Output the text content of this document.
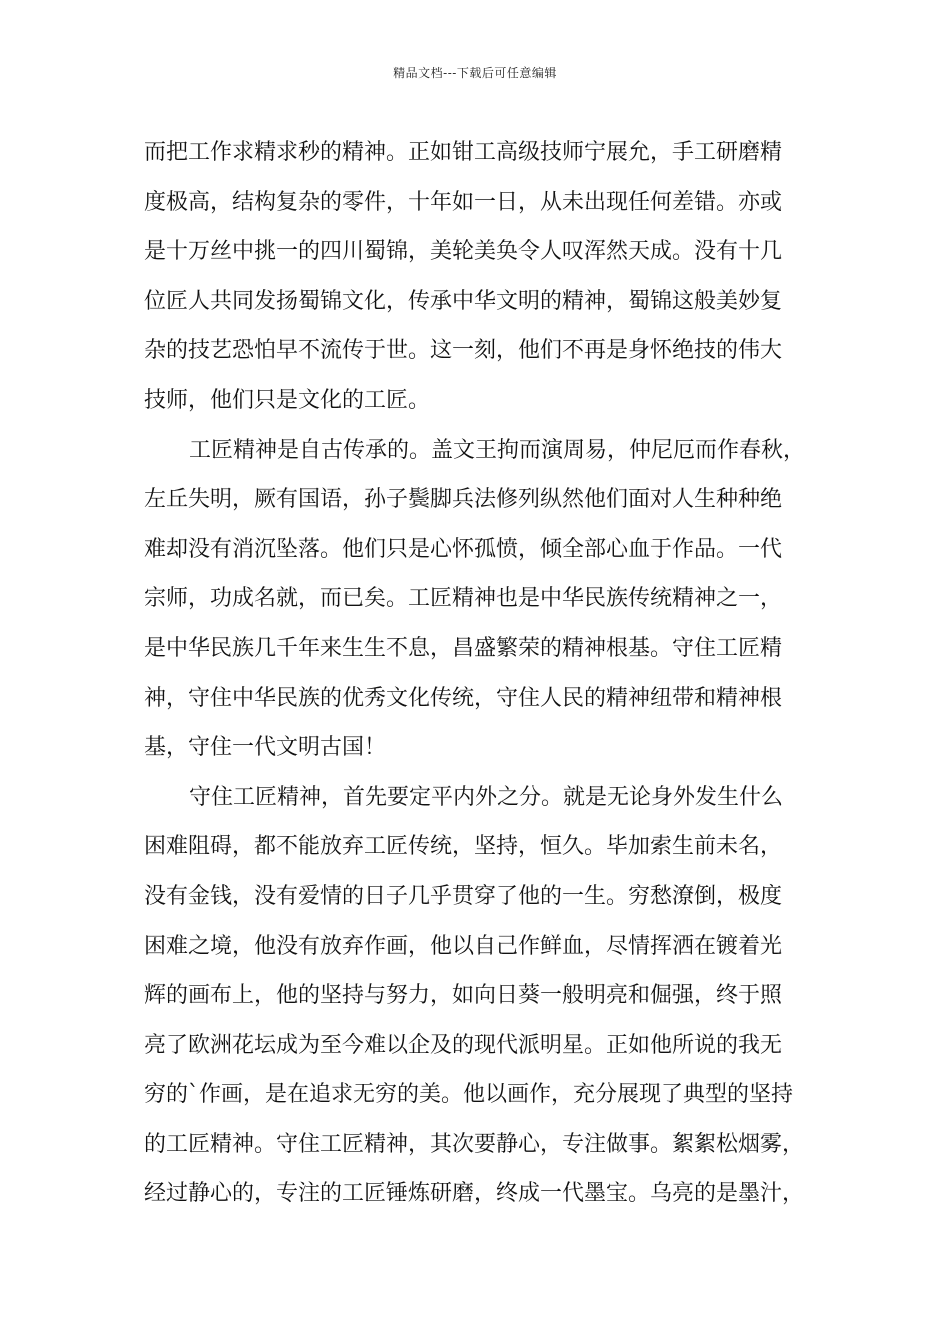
精品文档---下载后可任意编辑
而把工作求精求秒的精神。正如钳工高级技师宁展允，手工研磨精
度极高，结构复杂的零件，十年如一日，从未出现任何差错。亦或
是十万丝中挑一的四川蜀锦，美轮美奂令人叹浑然天成。没有十几
位匠人共同发扬蜀锦文化，传承中华文明的精神，蜀锦这般美妙复
杂的技艺恐怕早不流传于世。这一刻，他们不再是身怀绝技的伟大
技师，他们只是文化的工匠。
工匠精神是自古传承的。盖文王拘而演周易，仲尼厄而作春秋，
左丘失明，厥有国语，孙子鬓脚兵法修列纵然他们面对人生种种绝
难却没有消沉坠落。他们只是心怀孤愤，倾全部心血于作品。一代
宗师，功成名就，而已矣。工匠精神也是中华民族传统精神之一，
是中华民族几千年来生生不息，昌盛繁荣的精神根基。守住工匠精
神，守住中华民族的优秀文化传统，守住人民的精神纽带和精神根
基，守住一代文明古国！
守住工匠精神，首先要定平内外之分。就是无论身外发生什么
困难阻碍，都不能放弃工匠传统，坚持，恒久。毕加索生前未名，
没有金钱，没有爱情的日子几乎贯穿了他的一生。穷愁潦倒，极度
困难之境，他没有放弃作画，他以自己作鲜血，尽情挥洒在镀着光
辉的画布上，他的坚持与努力，如向日葵一般明亮和倔强，终于照
亮了欧洲花坛成为至今难以企及的现代派明星。正如他所说的我无
穷的`作画，是在追求无穷的美。他以画作，充分展现了典型的坚持
的工匠精神。守住工匠精神，其次要静心，专注做事。絮絮松烟雾，
经过静心的，专注的工匠锤炼研磨，终成一代墨宝。乌亮的是墨汁，
